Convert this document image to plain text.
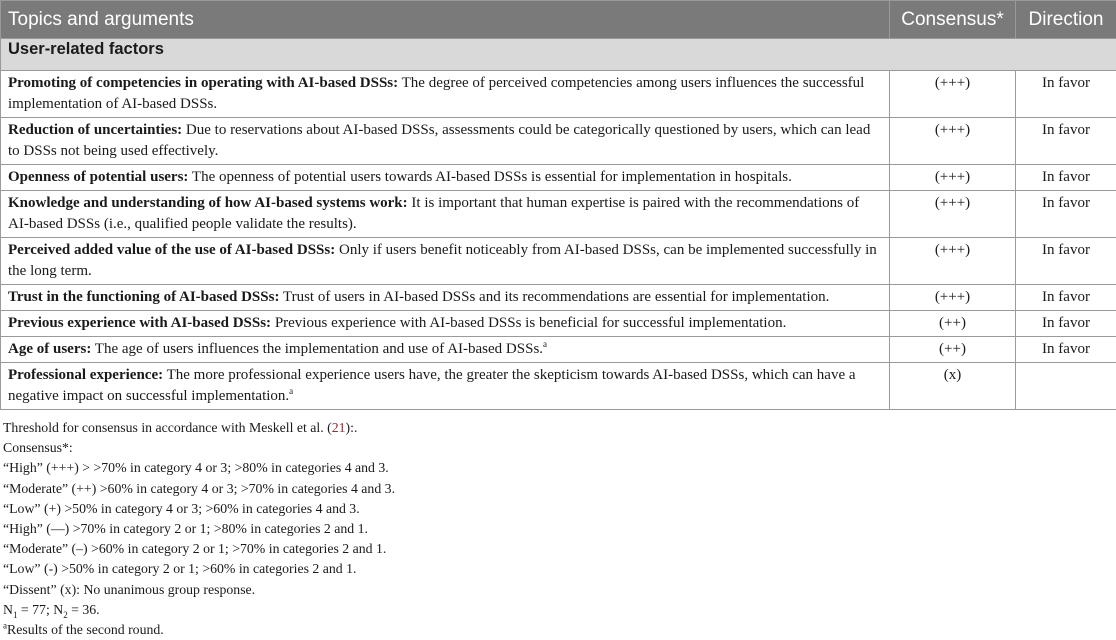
Topics and arguments	Consensus*	Direction
User-related factors		
Promoting of competencies in operating with AI-based DSSs: The degree of perceived competencies among users influences the successful implementation of AI-based DSSs.	(+++)	In favor
Reduction of uncertainties: Due to reservations about AI-based DSSs, assessments could be categorically questioned by users, which can lead to DSSs not being used effectively.	(+++)	In favor
Openness of potential users: The openness of potential users towards AI-based DSSs is essential for implementation in hospitals.	(+++)	In favor
Knowledge and understanding of how AI-based systems work: It is important that human expertise is paired with the recommendations of AI-based DSSs (i.e., qualified people validate the results).	(+++)	In favor
Perceived added value of the use of AI-based DSSs: Only if users benefit noticeably from AI-based DSSs, can be implemented successfully in the long term.	(+++)	In favor
Trust in the functioning of AI-based DSSs: Trust of users in AI-based DSSs and its recommendations are essential for implementation.	(+++)	In favor
Previous experience with AI-based DSSs: Previous experience with AI-based DSSs is beneficial for successful implementation.	(++)	In favor
Age of users: The age of users influences the implementation and use of AI-based DSSs.$^a$	(++)	In favor
Professional experience: The more professional experience users have, the greater the skepticism towards AI-based DSSs, which can have a negative impact on successful implementation.$^a$	(x)	
Threshold for consensus in accordance with Meskell et al. (21):.
Consensus*:
“High” (+++) > >70% in category 4 or 3; >80% in categories 4 and 3.
“Moderate” (++) >60% in category 4 or 3; >70% in categories 4 and 3.
“Low” (+) >50% in category 4 or 3; >60% in categories 4 and 3.
“High” (—) >70% in category 2 or 1; >80% in categories 2 and 1.
“Moderate” (–) >60% in category 2 or 1; >70% in categories 2 and 1.
“Low” (-) >50% in category 2 or 1; >60% in categories 2 and 1.
“Dissent” (x): No unanimous group response.
$N_1 = 77$; $N_2 = 36$.
$^a$Results of the second round.
